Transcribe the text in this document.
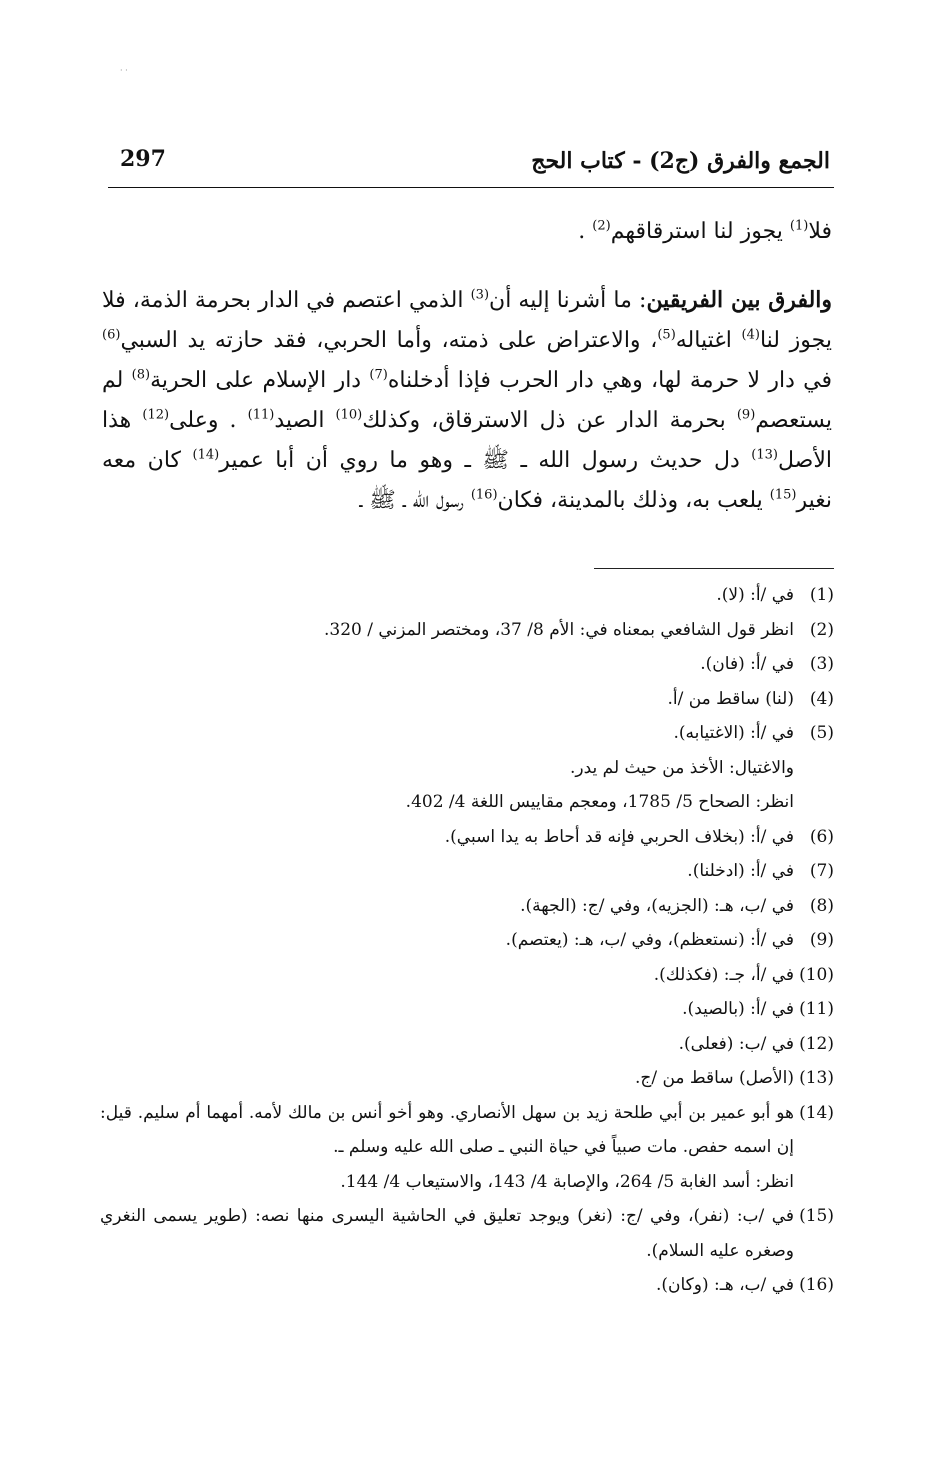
· ·
الجمع والفرق (ج2) - كتاب الحج
297

فلا$^{(1)}$ يجوز لنا استرقاقهم$^{(2)}$ .

والفرق بين الفريقين: ما أشرنا إليه أن$^{(3)}$ الذمي اعتصم في الدار بحرمة الذمة، فلا يجوز لنا$^{(4)}$ اغتياله$^{(5)}$، والاعتراض على ذمته، وأما الحربي، فقد حازته يد السبي$^{(6)}$ في دار لا حرمة لها، وهي دار الحرب فإذا أدخلناه$^{(7)}$ دار الإسلام على الحرية$^{(8)}$ لم يستعصم$^{(9)}$ بحرمة الدار عن ذل الاسترقاق، وكذلك$^{(10)}$ الصيد$^{(11)}$ . وعلى$^{(12)}$ هذا الأصل$^{(13)}$ دل حديث رسول الله ـ ﷺ ـ وهو ما روي أن أبا عمير$^{(14)}$ كان معه نغير$^{(15)}$ يلعب به، وذلك بالمدينة، فكان$^{(16)}$ رسول الله ـ ﷺ ـ

(1)
في /أ: (لا).
(2)
انظر قول الشافعي بمعناه في: الأم 8/ 37، ومختصر المزني / 320.
(3)
في /أ: (فان).
(4)
(لنا) ساقط من /أ.
(5)
في /أ: (الاغتيابه).
والاغتيال: الأخذ من حيث لم يدر.
انظر: الصحاح 5/ 1785، ومعجم مقاييس اللغة 4/ 402.
(6)
في /أ: (بخلاف الحربي فإنه قد أحاط به يدا اسبي).
(7)
في /أ: (ادخلنا).
(8)
في /ب، هـ: (الجزيه)، وفي /ج: (الجهة).
(9)
في /أ: (نستعظم)، وفي /ب، هـ: (يعتصم).
(10)
في /أ، جـ: (فكذلك).
(11)
في /أ: (بالصيد).
(12)
في /ب: (فعلى).
(13)
(الأصل) ساقط من /ج.
(14)
هو أبو عمير بن أبي طلحة زيد بن سهل الأنصاري. وهو أخو أنس بن مالك لأمه. أمهما أم سليم. قيل: إن اسمه حفص. مات صبياً في حياة النبي ـ صلى الله عليه وسلم ـ.
انظر: أسد الغابة 5/ 264، والإصابة 4/ 143، والاستيعاب 4/ 144.
(15)
في /ب: (نفر)، وفي /ج: (نغر) ويوجد تعليق في الحاشية اليسرى منها نصه: (طوير يسمى النغري وصغره عليه السلام).
(16)
في /ب، هـ: (وكان).
